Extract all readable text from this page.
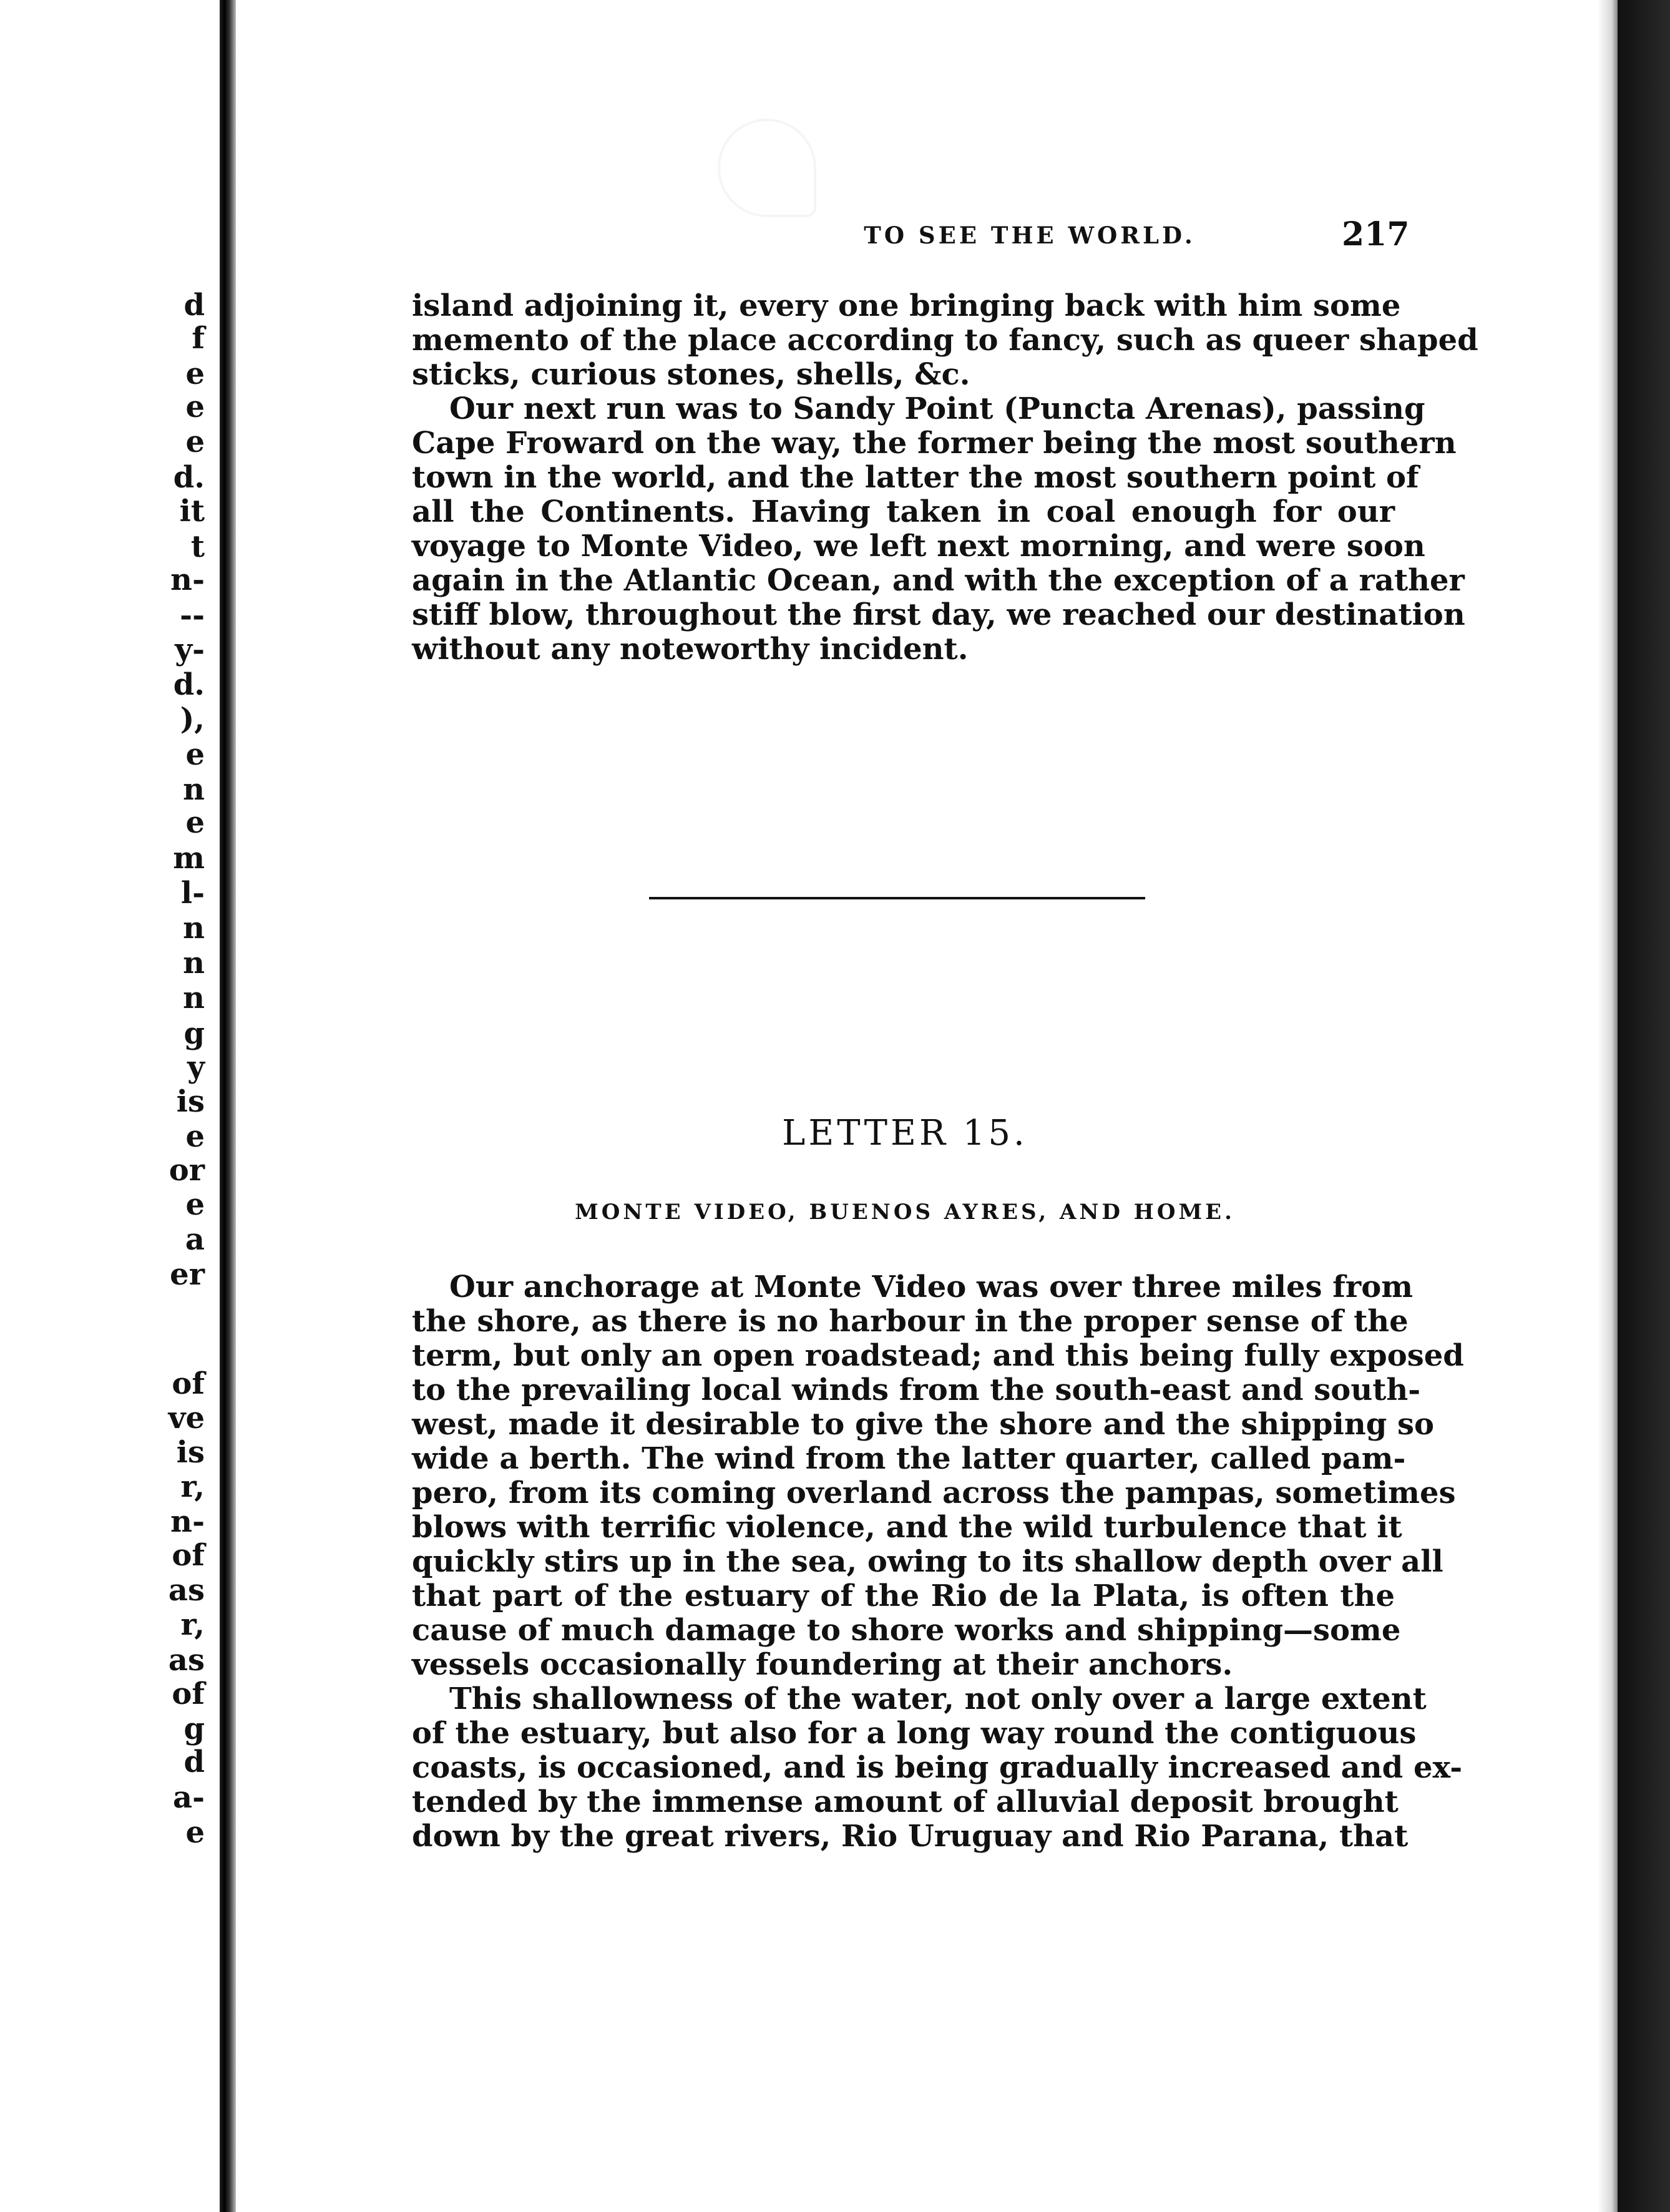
d
f
e
e
e
d.
it
t
n-
--
y-
d.
),
e
n
e
m
l-
n
n
n
g
y
is
e
or
e
a
er
of
ve
is
r,
n-
of
as
r,
as
of
g
d
a-
e
TO SEE THE WORLD.	217
island adjoining it, every one bringing back with him some
memento of the place according to fancy, such as queer shaped
sticks, curious stones, shells, &c.
Our next run was to Sandy Point (Puncta Arenas), passing
Cape Froward on the way, the former being the most southern
town in the world, and the latter the most southern point of
all the Continents. Having taken in coal enough for our
voyage to Monte Video, we left next morning, and were soon
again in the Atlantic Ocean, and with the exception of a rather
stiff blow, throughout the first day, we reached our destination
without any noteworthy incident.
LETTER 15.
MONTE VIDEO, BUENOS AYRES, AND HOME.
Our anchorage at Monte Video was over three miles from
the shore, as there is no harbour in the proper sense of the
term, but only an open roadstead; and this being fully exposed
to the prevailing local winds from the south-east and south-
west, made it desirable to give the shore and the shipping so
wide a berth. The wind from the latter quarter, called pam-
pero, from its coming overland across the pampas, sometimes
blows with terrific violence, and the wild turbulence that it
quickly stirs up in the sea, owing to its shallow depth over all
that part of the estuary of the Rio de la Plata, is often the
cause of much damage to shore works and shipping—some
vessels occasionally foundering at their anchors.
This shallowness of the water, not only over a large extent
of the estuary, but also for a long way round the contiguous
coasts, is occasioned, and is being gradually increased and ex-
tended by the immense amount of alluvial deposit brought
down by the great rivers, Rio Uruguay and Rio Parana, that
